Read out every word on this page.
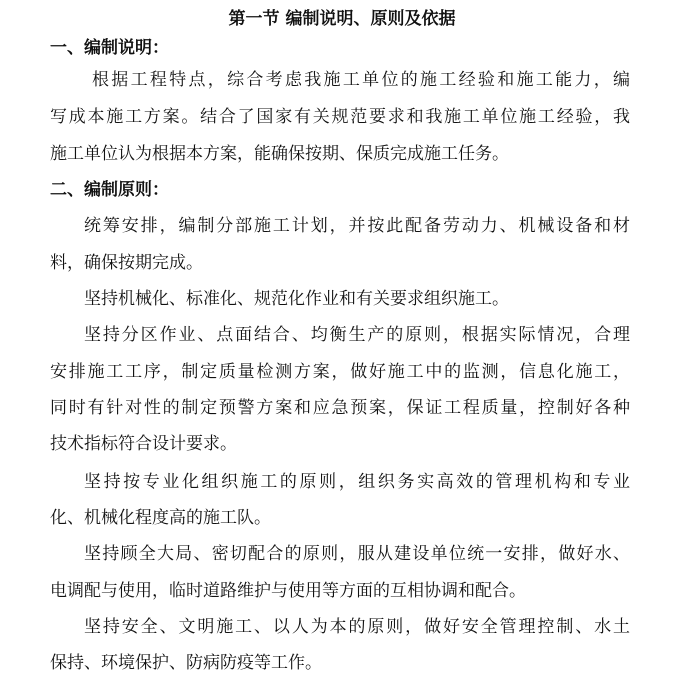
第一节 编制说明、原则及依据
一、编制说明：
根据工程特点，综合考虑我施工单位的施工经验和施工能力，编
写成本施工方案。结合了国家有关规范要求和我施工单位施工经验，我
施工单位认为根据本方案，能确保按期、保质完成施工任务。
二、编制原则：
统筹安排，编制分部施工计划，并按此配备劳动力、机械设备和材
料，确保按期完成。
坚持机械化、标准化、规范化作业和有关要求组织施工。
坚持分区作业、点面结合、均衡生产的原则，根据实际情况，合理
安排施工工序，制定质量检测方案，做好施工中的监测，信息化施工，
同时有针对性的制定预警方案和应急预案，保证工程质量，控制好各种
技术指标符合设计要求。
坚持按专业化组织施工的原则，组织务实高效的管理机构和专业
化、机械化程度高的施工队。
坚持顾全大局、密切配合的原则，服从建设单位统一安排，做好水、
电调配与使用，临时道路维护与使用等方面的互相协调和配合。
坚持安全、文明施工、以人为本的原则，做好安全管理控制、水土
保持、环境保护、防病防疫等工作。
